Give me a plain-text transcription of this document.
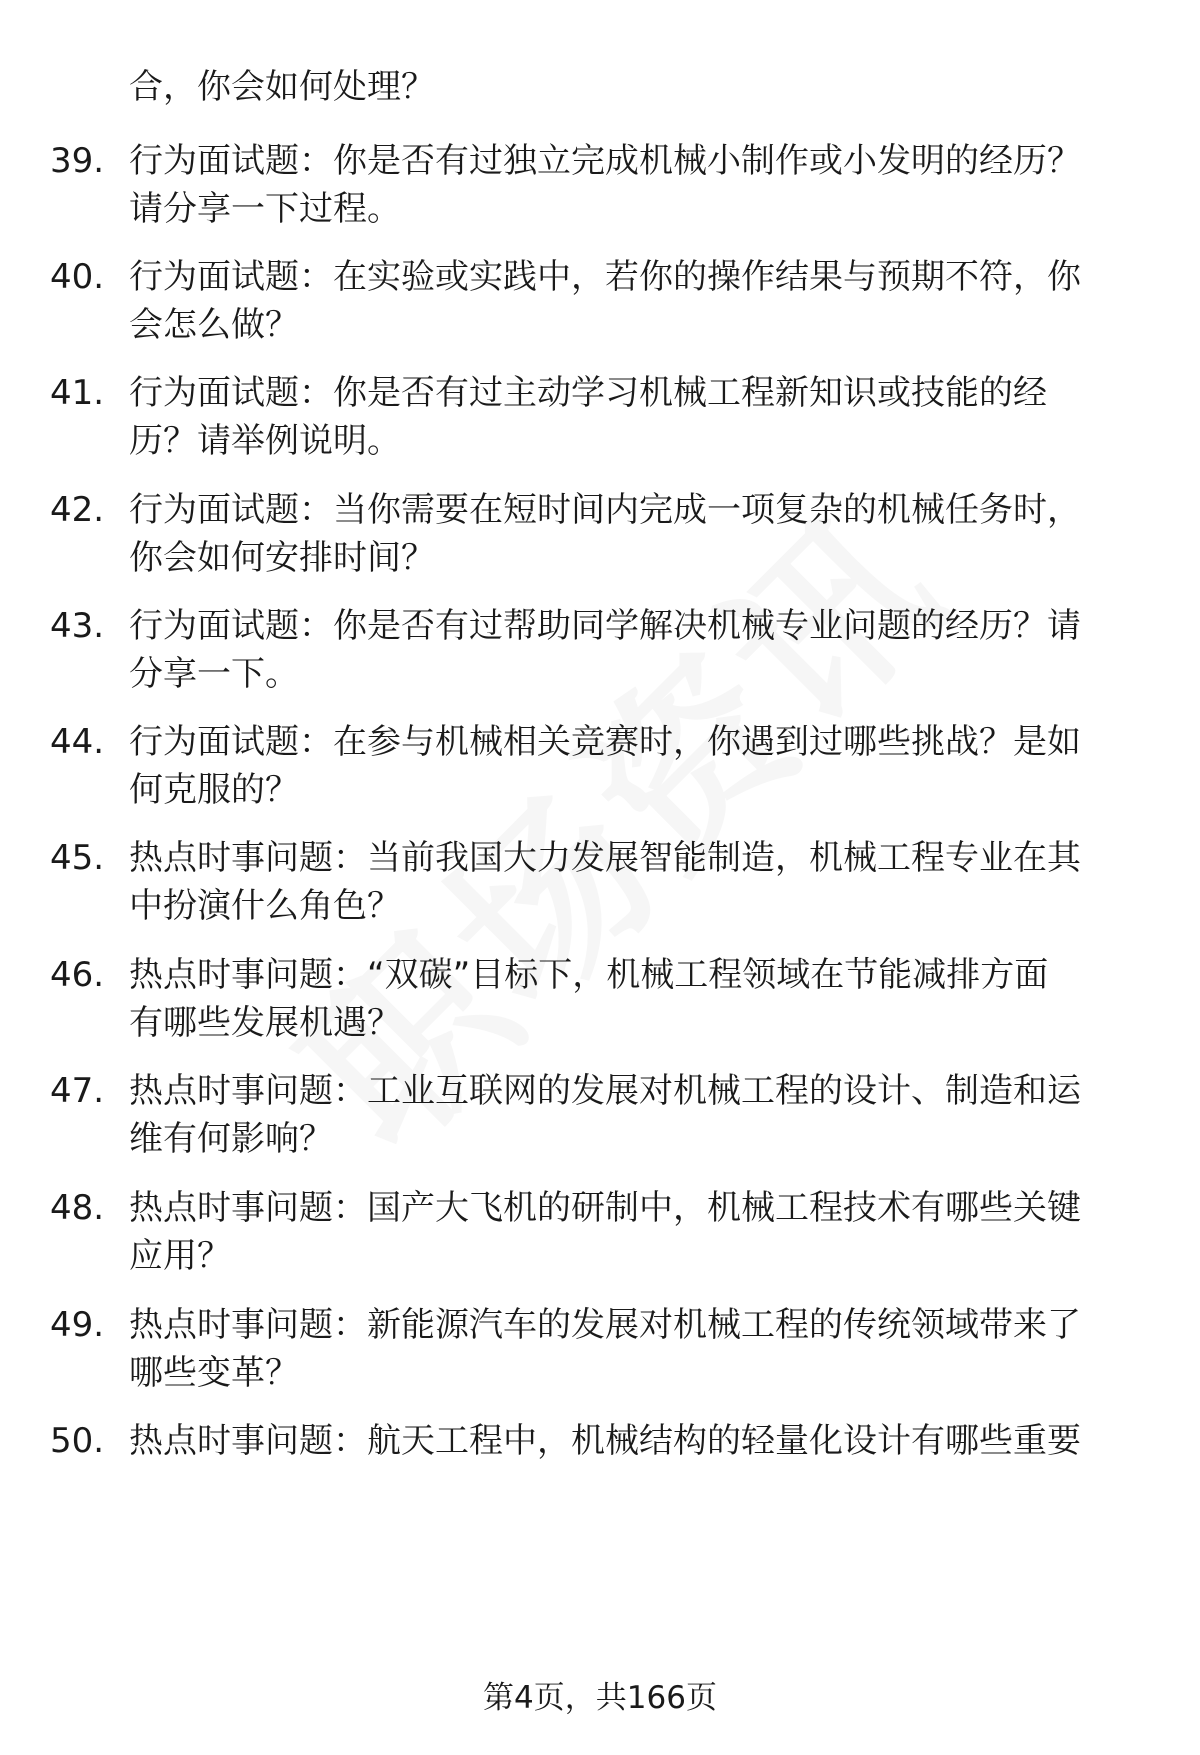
合，你会如何处理？
39. 行为面试题：你是否有过独立完成机械小制作或小发明的经历？
请分享一下过程。
40. 行为面试题：在实验或实践中，若你的操作结果与预期不符，你
会怎么做？
41. 行为面试题：你是否有过主动学习机械工程新知识或技能的经
历？请举例说明。
42. 行为面试题：当你需要在短时间内完成一项复杂的机械任务时，
你会如何安排时间？
43. 行为面试题：你是否有过帮助同学解决机械专业问题的经历？请
分享一下。
44. 行为面试题：在参与机械相关竞赛时，你遇到过哪些挑战？是如
何克服的？
45. 热点时事问题：当前我国大力发展智能制造，机械工程专业在其
中扮演什么角色？
46. 热点时事问题：“双碳”目标下，机械工程领域在节能减排方面
有哪些发展机遇？
47. 热点时事问题：工业互联网的发展对机械工程的设计、制造和运
维有何影响？
48. 热点时事问题：国产大飞机的研制中，机械工程技术有哪些关键
应用？
49. 热点时事问题：新能源汽车的发展对机械工程的传统领域带来了
哪些变革？
50. 热点时事问题：航天工程中，机械结构的轻量化设计有哪些重要
第4页，共166页
